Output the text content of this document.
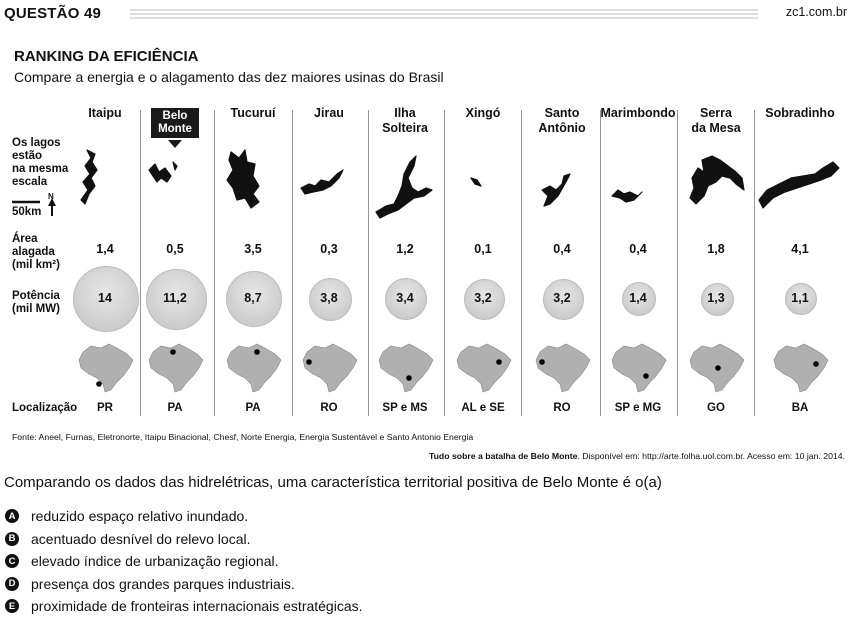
QUESTÃO 49	zc1.com.br
RANKING DA EFICIÊNCIA
Compare a energia e o alagamento das dez maiores usinas do Brasil
Os lagos
estão
na mesma
escala
50km
N
Área
alagada
(mil km²)
Potência
(mil MW)
Localização
Itaipu
1,4
14
PR
Belo
Monte
0,5
11,2
PA
Tucuruí
3,5
8,7
PA
Jirau
0,3
3,8
RO
Ilha
Solteira
1,2
3,4
SP e MS
Xingó
0,1
3,2
AL e SE
Santo
Antônio
0,4
3,2
RO
Marimbondo
0,4
1,4
SP e MG
Serra
da Mesa
1,8
1,3
GO
Sobradinho
4,1
1,1
BA
Fonte: Aneel, Furnas, Eletronorte, Itaipu Binacional, Chesf, Norte Energia, Energia Sustentável e Santo Antonio Energia
Tudo sobre a batalha de Belo Monte. Disponível em: http://arte.folha.uol.com.br. Acesso em: 10 jan. 2014.
Comparando os dados das hidrelétricas, uma característica territorial positiva de Belo Monte é o(a)
A reduzido espaço relativo inundado.
B acentuado desnível do relevo local.
C elevado índice de urbanização regional.
D presença dos grandes parques industriais.
E proximidade de fronteiras internacionais estratégicas.
